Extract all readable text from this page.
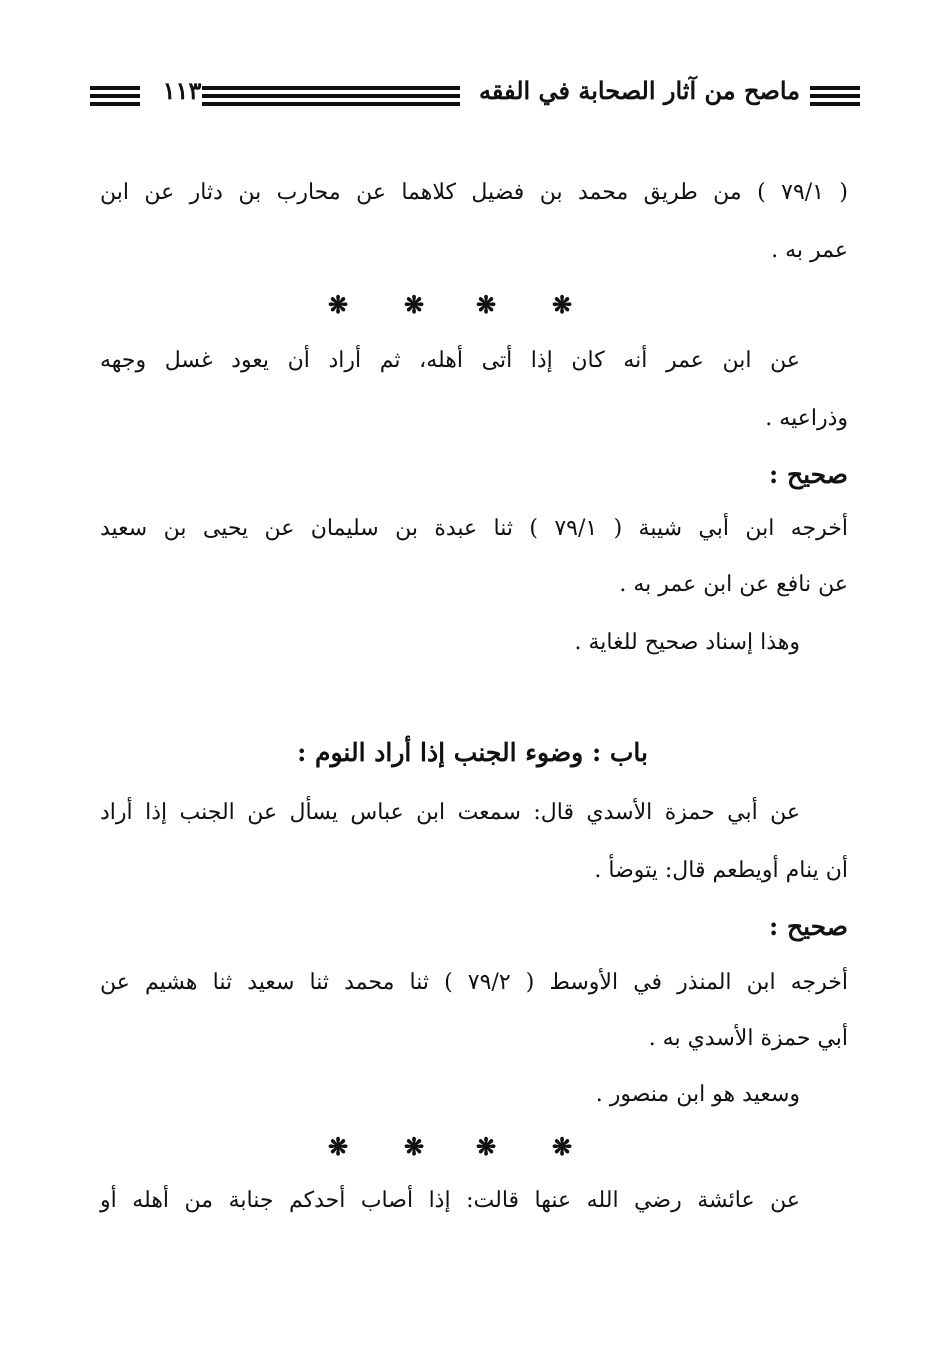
ماصح من آثار الصحابة في الفقه
١١٣
( ٧٩/١ ) من طريق محمد بن فضيل كلاهما عن محارب بن دثار عن ابن
عمر به .
❋ ❋ ❋ ❋
عن ابن عمر أنه كان إذا أتى أهله، ثم أراد أن يعود غسل وجهه
وذراعيه .
صحيح :
أخرجه ابن أبي شيبة ( ٧٩/١ ) ثنا عبدة بن سليمان عن يحيى بن سعيد
عن نافع عن ابن عمر به .
وهذا إسناد صحيح للغاية .
باب : وضوء الجنب إذا أراد النوم :
عن أبي حمزة الأسدي قال: سمعت ابن عباس يسأل عن الجنب إذا أراد
أن ينام أويطعم قال: يتوضأ .
صحيح :
أخرجه ابن المنذر في الأوسط ( ٧٩/٢ ) ثنا محمد ثنا سعيد ثنا هشيم عن
أبي حمزة الأسدي به .
وسعيد هو ابن منصور .
❋ ❋ ❋ ❋
عن عائشة رضي الله عنها قالت: إذا أصاب أحدكم جنابة من أهله أو
